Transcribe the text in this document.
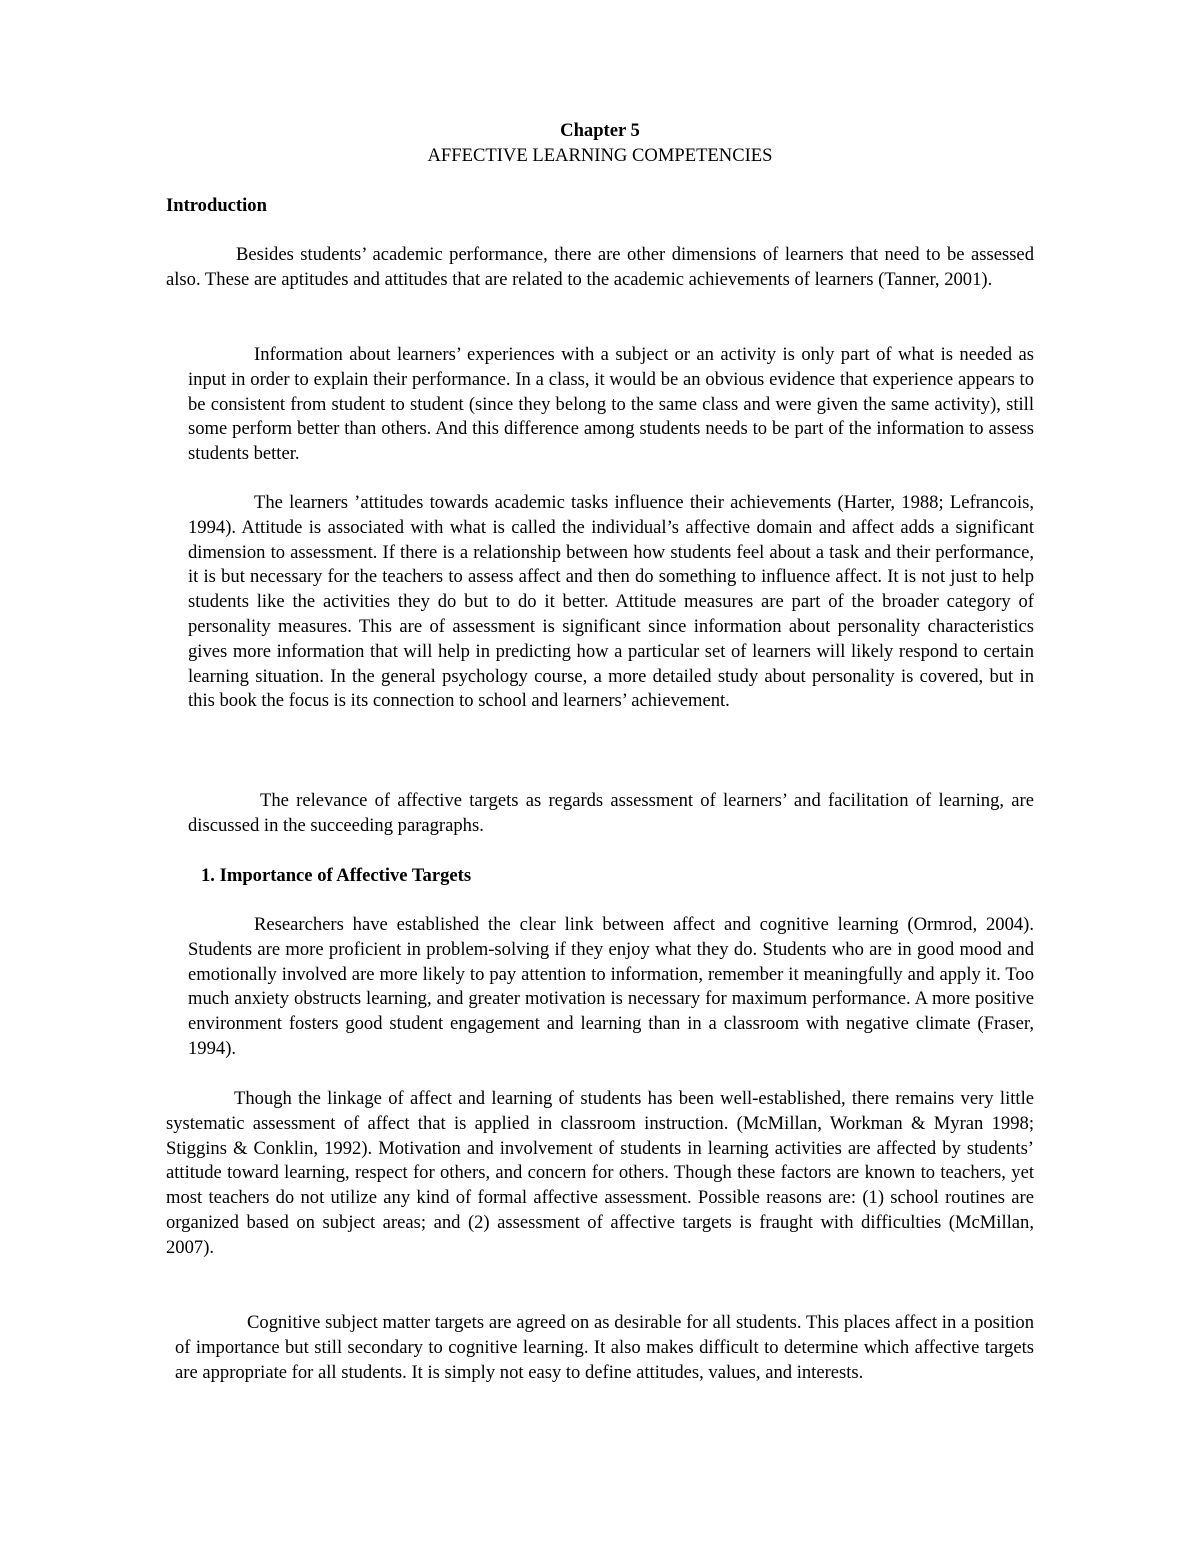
Chapter 5

AFFECTIVE LEARNING COMPETENCIES

Introduction

Besides students’ academic performance, there are other dimensions of learners that need to be assessed also. These are aptitudes and attitudes that are related to the academic achievements of learners (Tanner, 2001).

Information about learners’ experiences with a subject or an activity is only part of what is needed as input in order to explain their performance. In a class, it would be an obvious evidence that experience appears to be consistent from student to student (since they belong to the same class and were given the same activity), still some perform better than others. And this difference among students needs to be part of the information to assess students better.

The learners ’attitudes towards academic tasks influence their achievements (Harter, 1988; Lefrancois, 1994). Attitude is associated with what is called the individual’s affective domain and affect adds a significant dimension to assessment. If there is a relationship between how students feel about a task and their performance, it is but necessary for the teachers to assess affect and then do something to influence affect. It is not just to help students like the activities they do but to do it better. Attitude measures are part of the broader category of personality measures. This are of assessment is significant since information about personality characteristics gives more information that will help in predicting how a particular set of learners will likely respond to certain learning situation. In the general psychology course, a more detailed study about personality is covered, but in this book the focus is its connection to school and learners’ achievement.

The relevance of affective targets as regards assessment of learners’ and facilitation of learning, are discussed in the succeeding paragraphs.

1. Importance of Affective Targets

Researchers have established the clear link between affect and cognitive learning (Ormrod, 2004). Students are more proficient in problem-solving if they enjoy what they do. Students who are in good mood and emotionally involved are more likely to pay attention to information, remember it meaningfully and apply it. Too much anxiety obstructs learning, and greater motivation is necessary for maximum performance. A more positive environment fosters good student engagement and learning than in a classroom with negative climate (Fraser, 1994).

Though the linkage of affect and learning of students has been well-established, there remains very little systematic assessment of affect that is applied in classroom instruction. (McMillan, Workman & Myran 1998; Stiggins & Conklin, 1992). Motivation and involvement of students in learning activities are affected by students’ attitude toward learning, respect for others, and concern for others. Though these factors are known to teachers, yet most teachers do not utilize any kind of formal affective assessment. Possible reasons are: (1) school routines are organized based on subject areas; and (2) assessment of affective targets is fraught with difficulties (McMillan, 2007).

Cognitive subject matter targets are agreed on as desirable for all students. This places affect in a position of importance but still secondary to cognitive learning. It also makes difficult to determine which affective targets are appropriate for all students. It is simply not easy to define attitudes, values, and interests.
